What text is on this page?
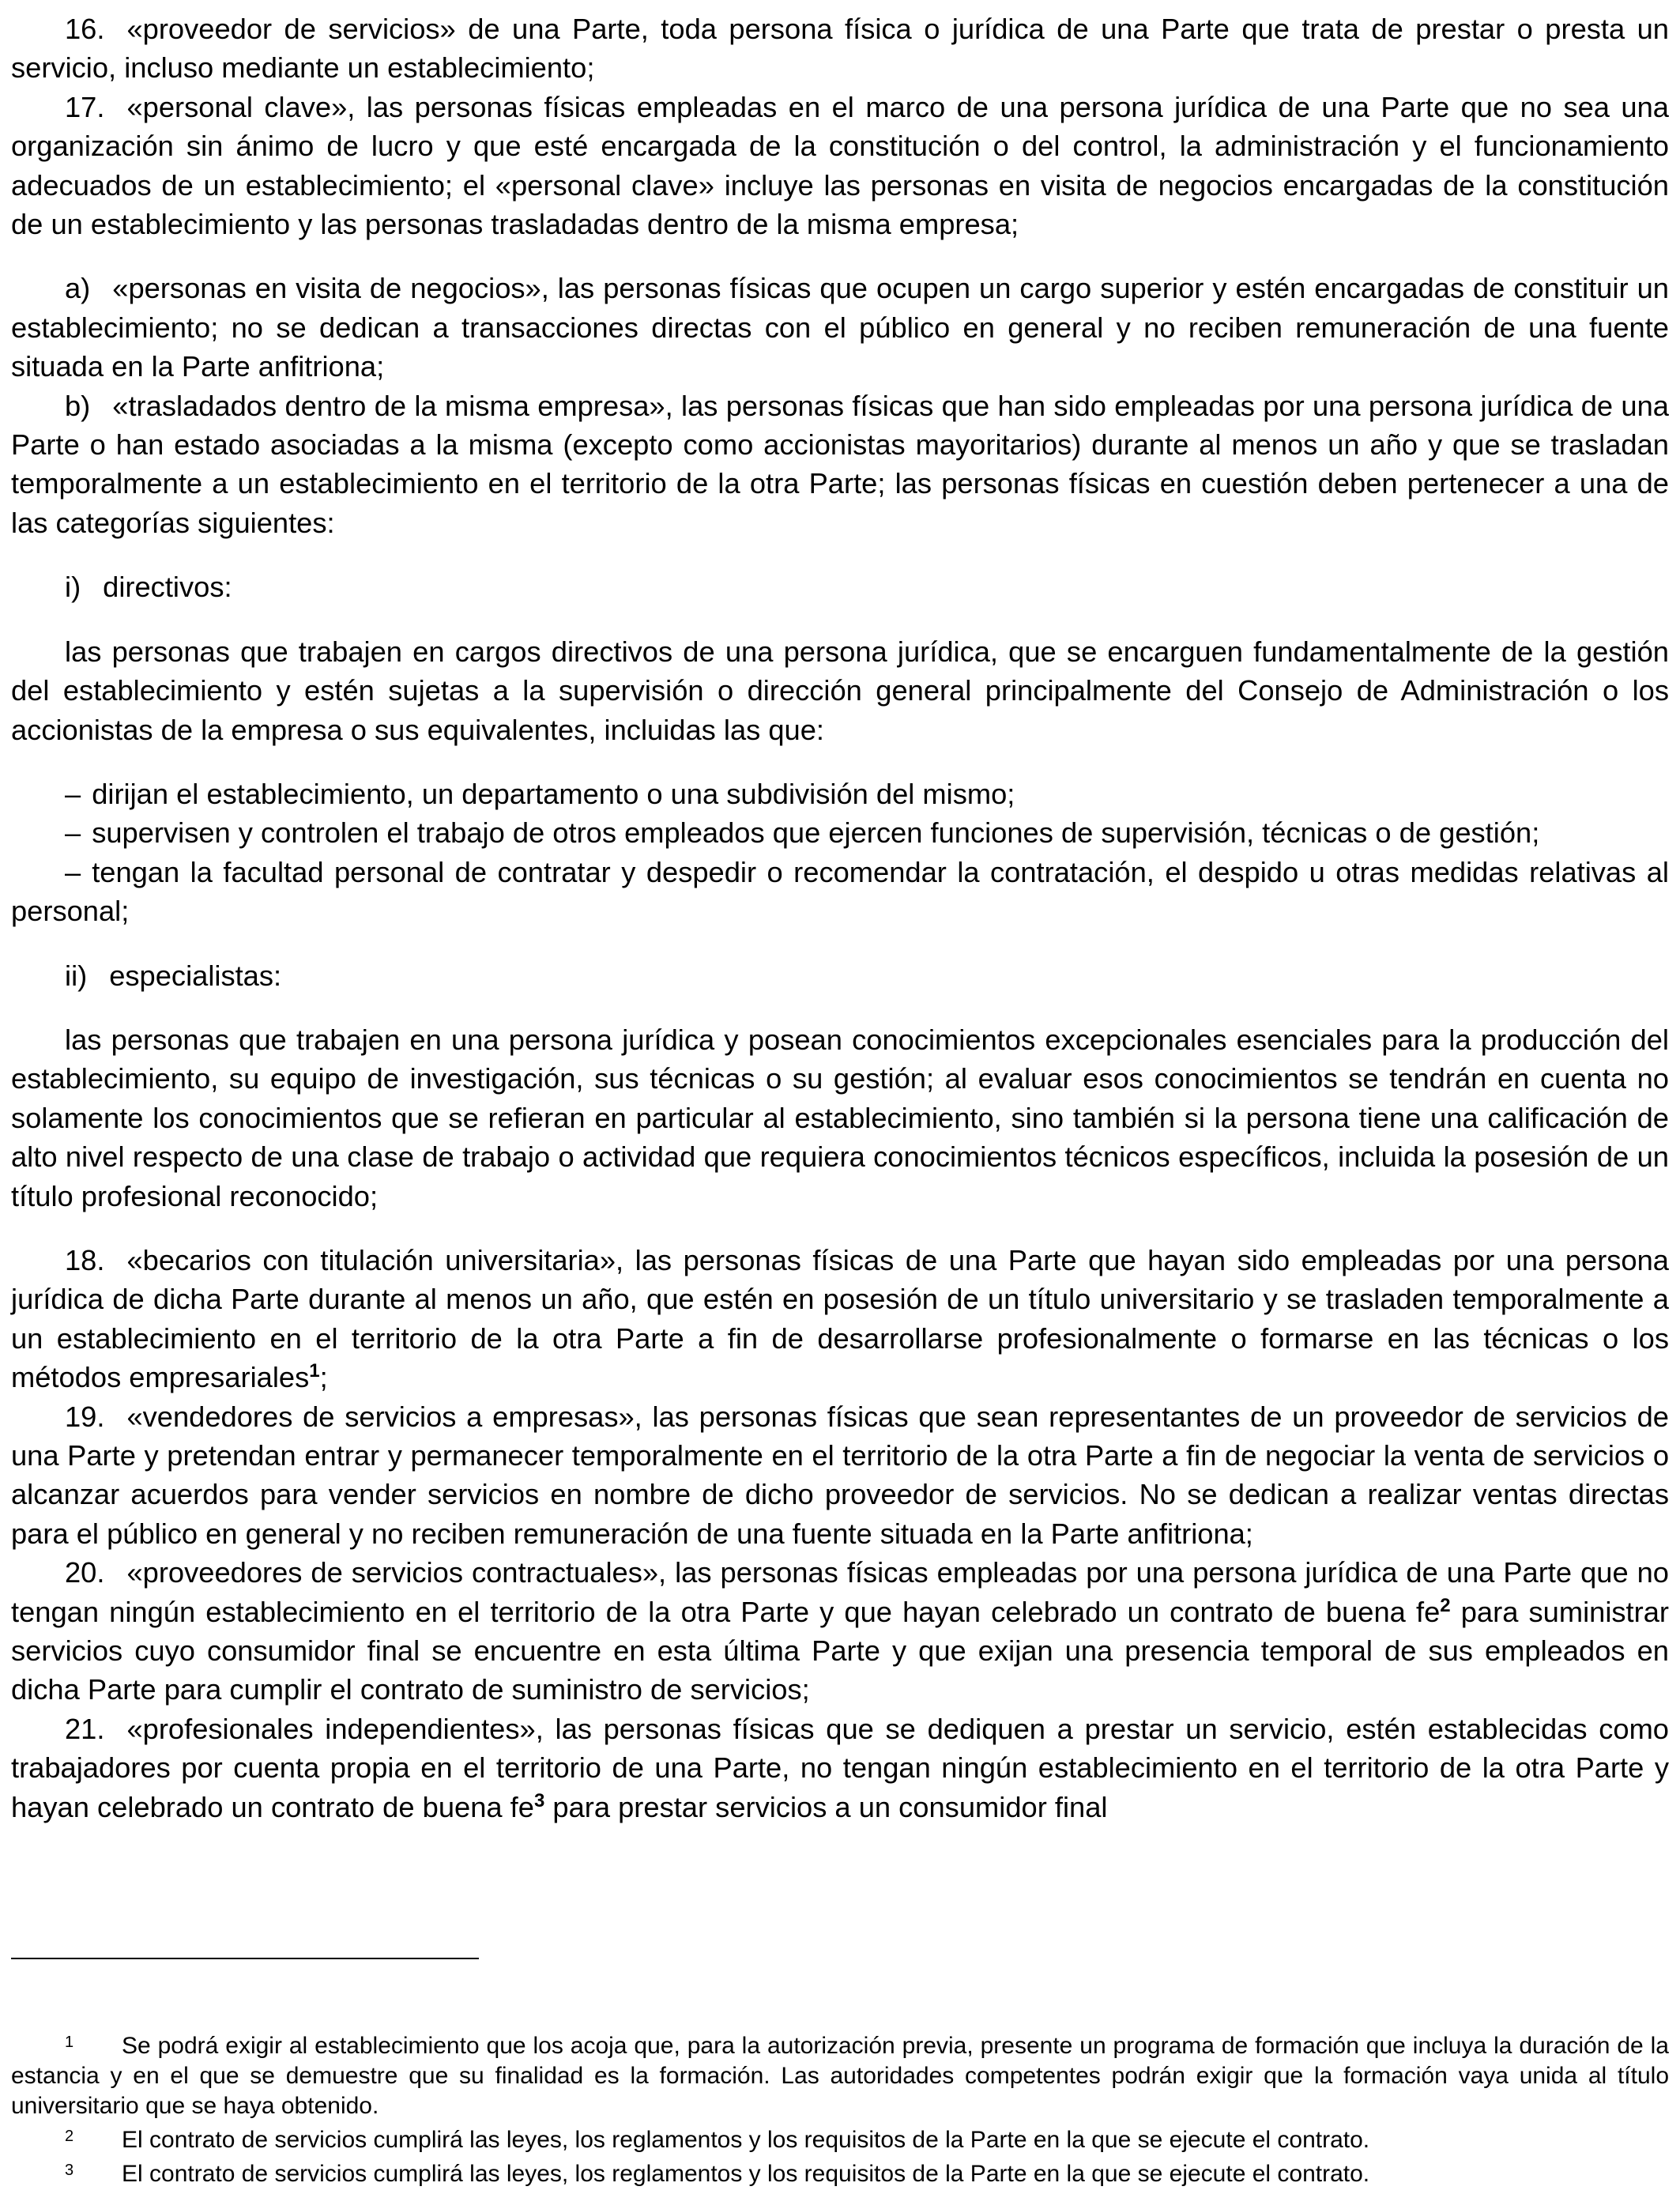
16. «proveedor de servicios» de una Parte, toda persona física o jurídica de una Parte que trata de prestar o presta un servicio, incluso mediante un establecimiento;

17. «personal clave», las personas físicas empleadas en el marco de una persona jurídica de una Parte que no sea una organización sin ánimo de lucro y que esté encargada de la constitución o del control, la administración y el funcionamiento adecuados de un establecimiento; el «personal clave» incluye las personas en visita de negocios encargadas de la constitución de un establecimiento y las personas trasladadas dentro de la misma empresa;

a) «personas en visita de negocios», las personas físicas que ocupen un cargo superior y estén encargadas de constituir un establecimiento; no se dedican a transacciones directas con el público en general y no reciben remuneración de una fuente situada en la Parte anfitriona;

b) «trasladados dentro de la misma empresa», las personas físicas que han sido empleadas por una persona jurídica de una Parte o han estado asociadas a la misma (excepto como accionistas mayoritarios) durante al menos un año y que se trasladan temporalmente a un establecimiento en el territorio de la otra Parte; las personas físicas en cuestión deben pertenecer a una de las categorías siguientes:

i) directivos:

las personas que trabajen en cargos directivos de una persona jurídica, que se encarguen fundamentalmente de la gestión del establecimiento y estén sujetas a la supervisión o dirección general principalmente del Consejo de Administración o los accionistas de la empresa o sus equivalentes, incluidas las que:

– dirijan el establecimiento, un departamento o una subdivisión del mismo;

– supervisen y controlen el trabajo de otros empleados que ejercen funciones de supervisión, técnicas o de gestión;

– tengan la facultad personal de contratar y despedir o recomendar la contratación, el despido u otras medidas relativas al personal;

ii) especialistas:

las personas que trabajen en una persona jurídica y posean conocimientos excepcionales esenciales para la producción del establecimiento, su equipo de investigación, sus técnicas o su gestión; al evaluar esos conocimientos se tendrán en cuenta no solamente los conocimientos que se refieran en particular al establecimiento, sino también si la persona tiene una calificación de alto nivel respecto de una clase de trabajo o actividad que requiera conocimientos técnicos específicos, incluida la posesión de un título profesional reconocido;

18. «becarios con titulación universitaria», las personas físicas de una Parte que hayan sido empleadas por una persona jurídica de dicha Parte durante al menos un año, que estén en posesión de un título universitario y se trasladen temporalmente a un establecimiento en el territorio de la otra Parte a fin de desarrollarse profesionalmente o formarse en las técnicas o los métodos empresariales$^1$;

19. «vendedores de servicios a empresas», las personas físicas que sean representantes de un proveedor de servicios de una Parte y pretendan entrar y permanecer temporalmente en el territorio de la otra Parte a fin de negociar la venta de servicios o alcanzar acuerdos para vender servicios en nombre de dicho proveedor de servicios. No se dedican a realizar ventas directas para el público en general y no reciben remuneración de una fuente situada en la Parte anfitriona;

20. «proveedores de servicios contractuales», las personas físicas empleadas por una persona jurídica de una Parte que no tengan ningún establecimiento en el territorio de la otra Parte y que hayan celebrado un contrato de buena fe$^2$ para suministrar servicios cuyo consumidor final se encuentre en esta última Parte y que exijan una presencia temporal de sus empleados en dicha Parte para cumplir el contrato de suministro de servicios;

21. «profesionales independientes», las personas físicas que se dediquen a prestar un servicio, estén establecidas como trabajadores por cuenta propia en el territorio de una Parte, no tengan ningún establecimiento en el territorio de la otra Parte y hayan celebrado un contrato de buena fe$^3$ para prestar servicios a un consumidor final

1 Se podrá exigir al establecimiento que los acoja que, para la autorización previa, presente un programa de formación que incluya la duración de la estancia y en el que se demuestre que su finalidad es la formación. Las autoridades competentes podrán exigir que la formación vaya unida al título universitario que se haya obtenido.

2 El contrato de servicios cumplirá las leyes, los reglamentos y los requisitos de la Parte en la que se ejecute el contrato.

3 El contrato de servicios cumplirá las leyes, los reglamentos y los requisitos de la Parte en la que se ejecute el contrato.
